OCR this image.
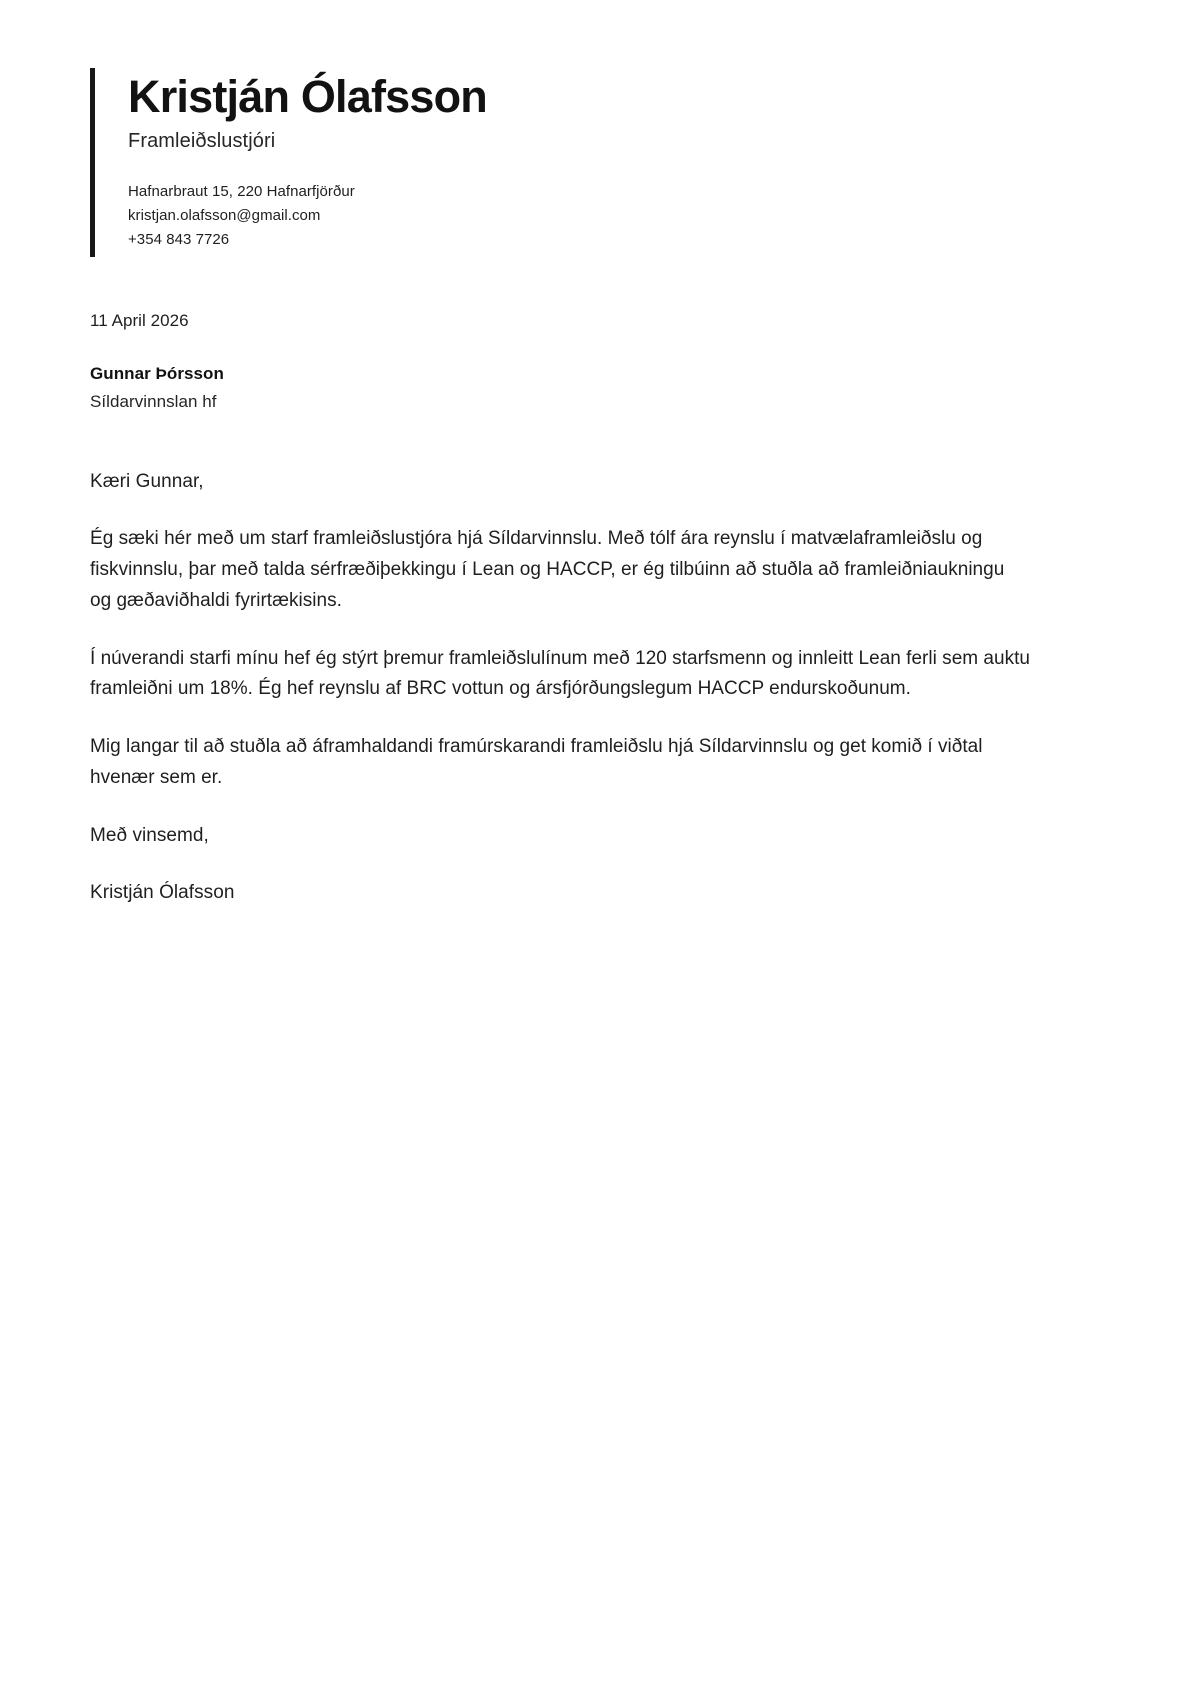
Kristján Ólafsson
Framleiðslustjóri
Hafnarbraut 15, 220 Hafnarfjörður
kristjan.olafsson@gmail.com
+354 843 7726
11 April 2026
Gunnar Þórsson
Síldarvinnslan hf
Kæri Gunnar,

Ég sæki hér með um starf framleiðslustjóra hjá Síldarvinnslu. Með tólf ára reynslu í matvælaframleiðslu og fiskvinnslu, þar með talda sérfræðiþekkingu í Lean og HACCP, er ég tilbúinn að stuðla að framleiðniaukningu og gæðaviðhaldi fyrirtækisins.

Í núverandi starfi mínu hef ég stýrt þremur framleiðslulínum með 120 starfsmenn og innleitt Lean ferli sem auktu framleiðni um 18%. Ég hef reynslu af BRC vottun og ársfjórðungslegum HACCP endurskoðunum.

Mig langar til að stuðla að áframhaldandi framúrskarandi framleiðslu hjá Síldarvinnslu og get komið í viðtal hvenær sem er.

Með vinsemd,
Kristján Ólafsson
